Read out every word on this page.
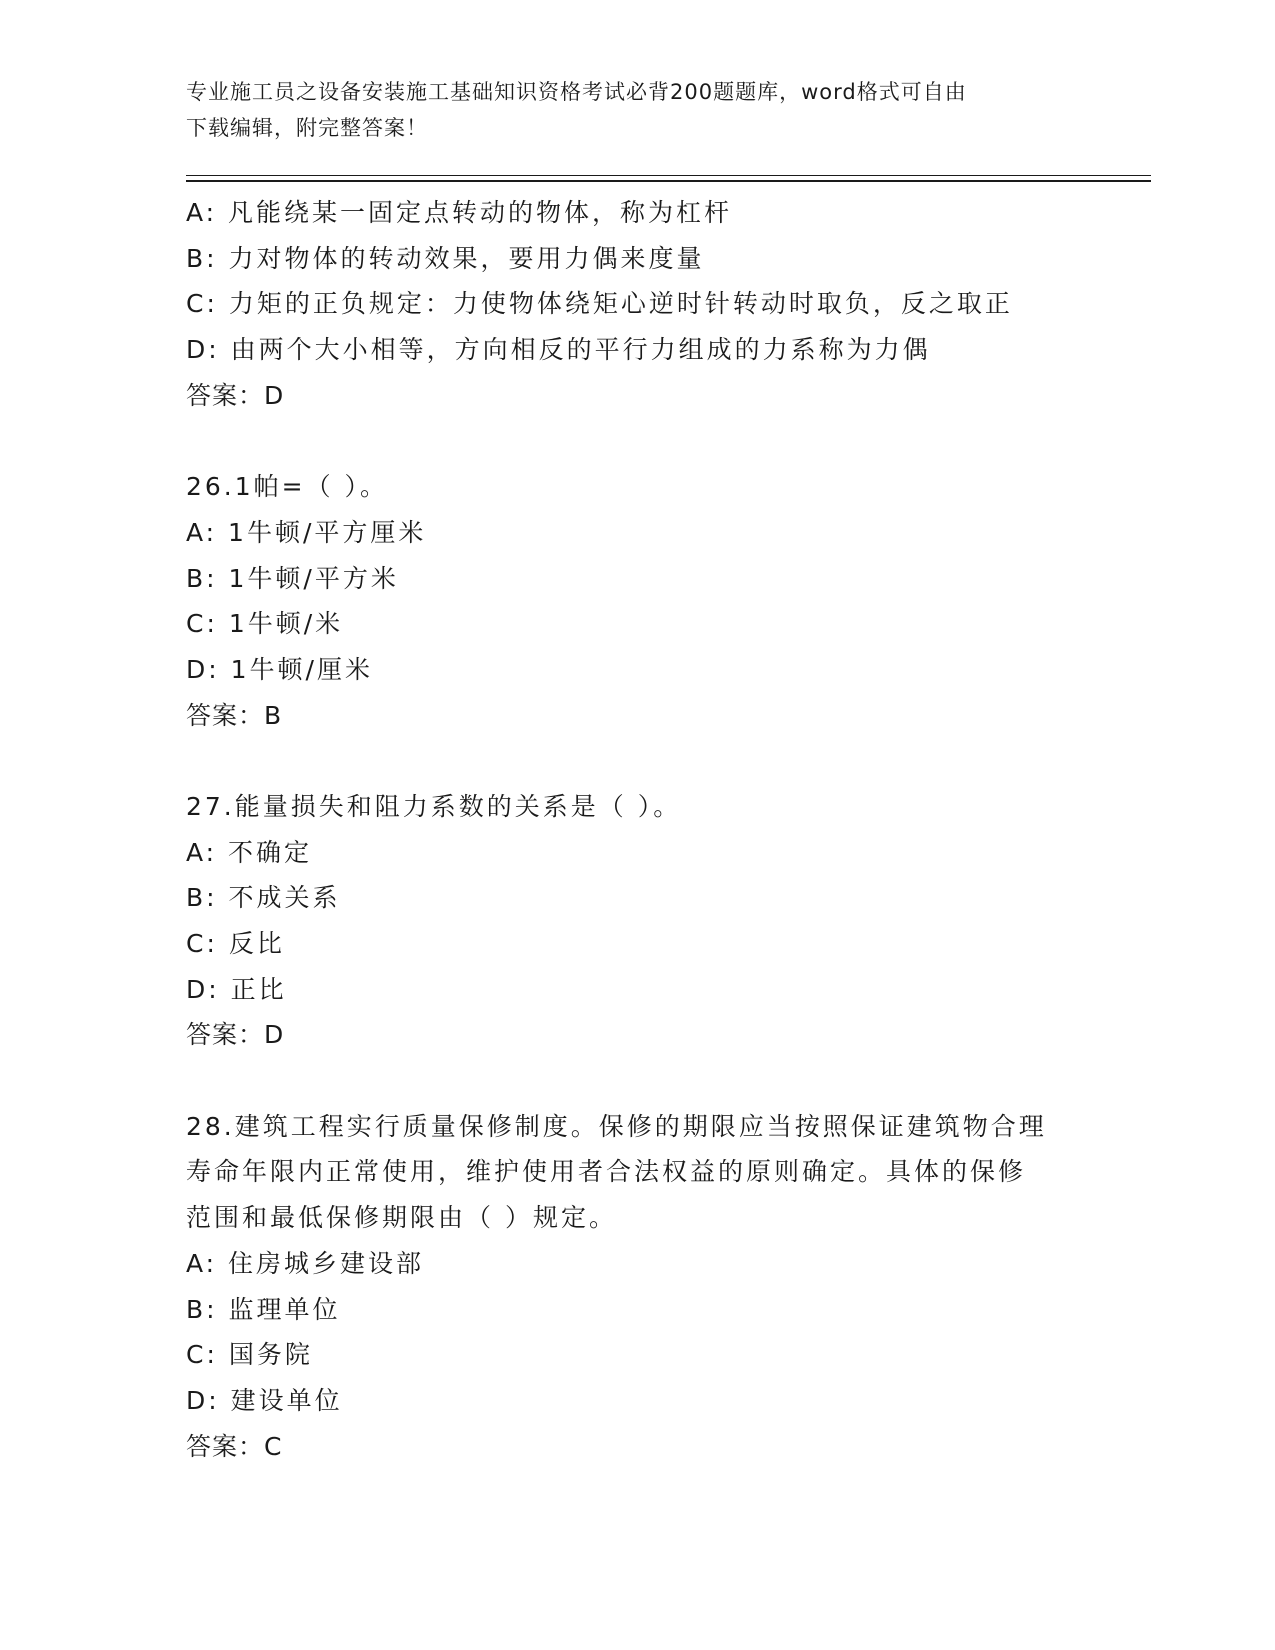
专业施工员之设备安装施工基础知识资格考试必背200题题库，word格式可自由
下载编辑，附完整答案！
A: 凡能绕某一固定点转动的物体，称为杠杆
B: 力对物体的转动效果，要用力偶来度量
C: 力矩的正负规定：力使物体绕矩心逆时针转动时取负，反之取正
D: 由两个大小相等，方向相反的平行力组成的力系称为力偶
答案：D
26.1帕=（ ）。
A: 1牛顿/平方厘米
B: 1牛顿/平方米
C: 1牛顿/米
D: 1牛顿/厘米
答案：B
27.能量损失和阻力系数的关系是（ ）。
A: 不确定
B: 不成关系
C: 反比
D: 正比
答案：D
28.建筑工程实行质量保修制度。保修的期限应当按照保证建筑物合理
寿命年限内正常使用，维护使用者合法权益的原则确定。具体的保修
范围和最低保修期限由（ ）规定。
A: 住房城乡建设部
B: 监理单位
C: 国务院
D: 建设单位
答案：C
